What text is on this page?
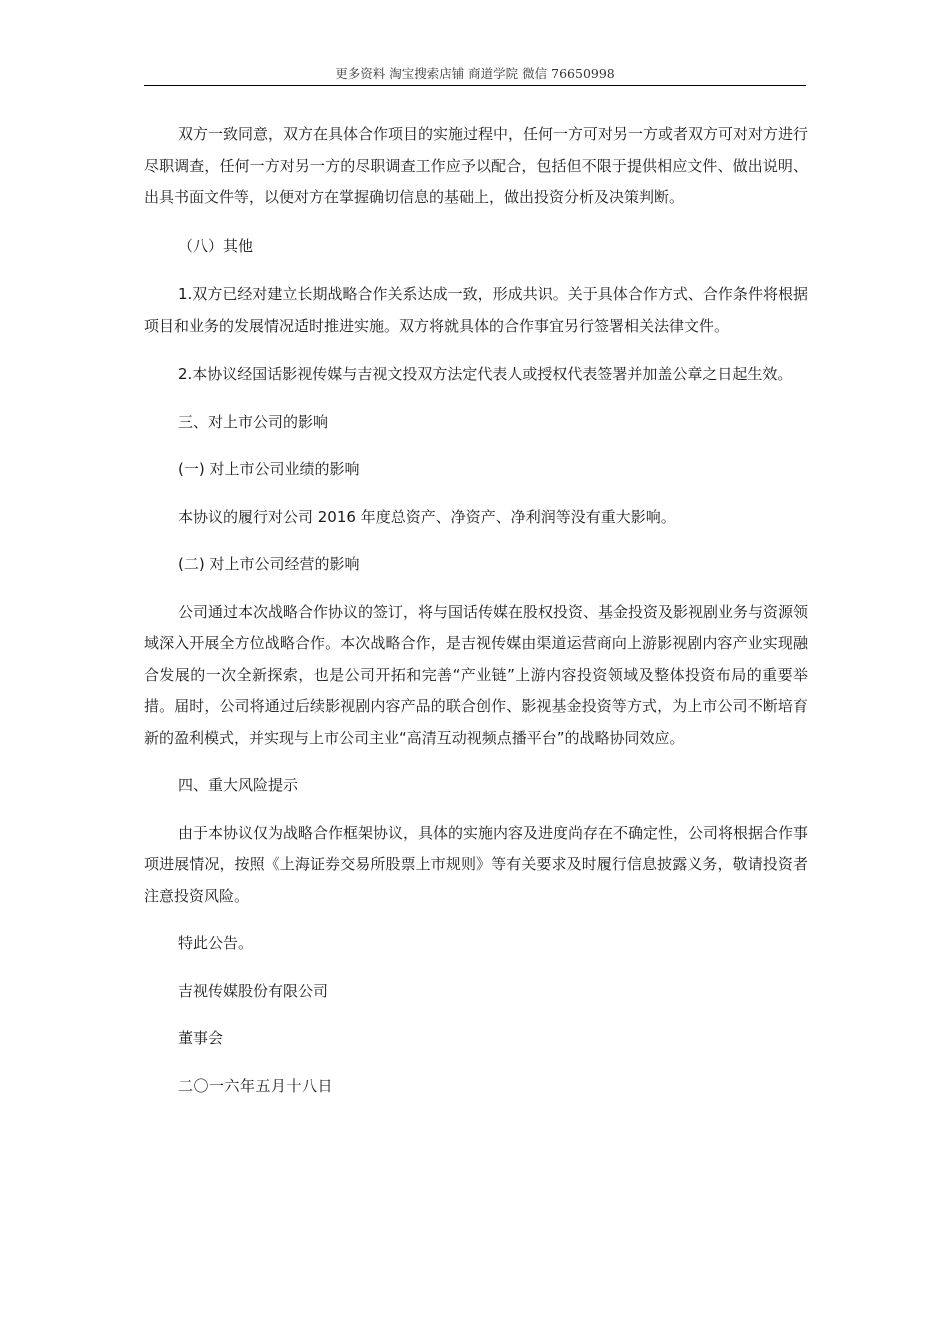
更多资料 淘宝搜索店铺 商道学院 微信 76650998

双方一致同意，双方在具体合作项目的实施过程中，任何一方可对另一方或者双方可对对方进行尽职调查，任何一方对另一方的尽职调查工作应予以配合，包括但不限于提供相应文件、做出说明、出具书面文件等，以便对方在掌握确切信息的基础上，做出投资分析及决策判断。

（八）其他

1.双方已经对建立长期战略合作关系达成一致，形成共识。关于具体合作方式、合作条件将根据项目和业务的发展情况适时推进实施。双方将就具体的合作事宜另行签署相关法律文件。

2.本协议经国话影视传媒与吉视文投双方法定代表人或授权代表签署并加盖公章之日起生效。

三、对上市公司的影响

(一) 对上市公司业绩的影响

本协议的履行对公司 2016 年度总资产、净资产、净利润等没有重大影响。

(二) 对上市公司经营的影响

公司通过本次战略合作协议的签订，将与国话传媒在股权投资、基金投资及影视剧业务与资源领域深入开展全方位战略合作。本次战略合作，是吉视传媒由渠道运营商向上游影视剧内容产业实现融合发展的一次全新探索，也是公司开拓和完善“产业链”上游内容投资领域及整体投资布局的重要举措。届时，公司将通过后续影视剧内容产品的联合创作、影视基金投资等方式，为上市公司不断培育新的盈利模式，并实现与上市公司主业“高清互动视频点播平台”的战略协同效应。

四、重大风险提示

由于本协议仅为战略合作框架协议，具体的实施内容及进度尚存在不确定性，公司将根据合作事项进展情况，按照《上海证券交易所股票上市规则》等有关要求及时履行信息披露义务，敬请投资者注意投资风险。

特此公告。

吉视传媒股份有限公司

董事会

二〇一六年五月十八日
